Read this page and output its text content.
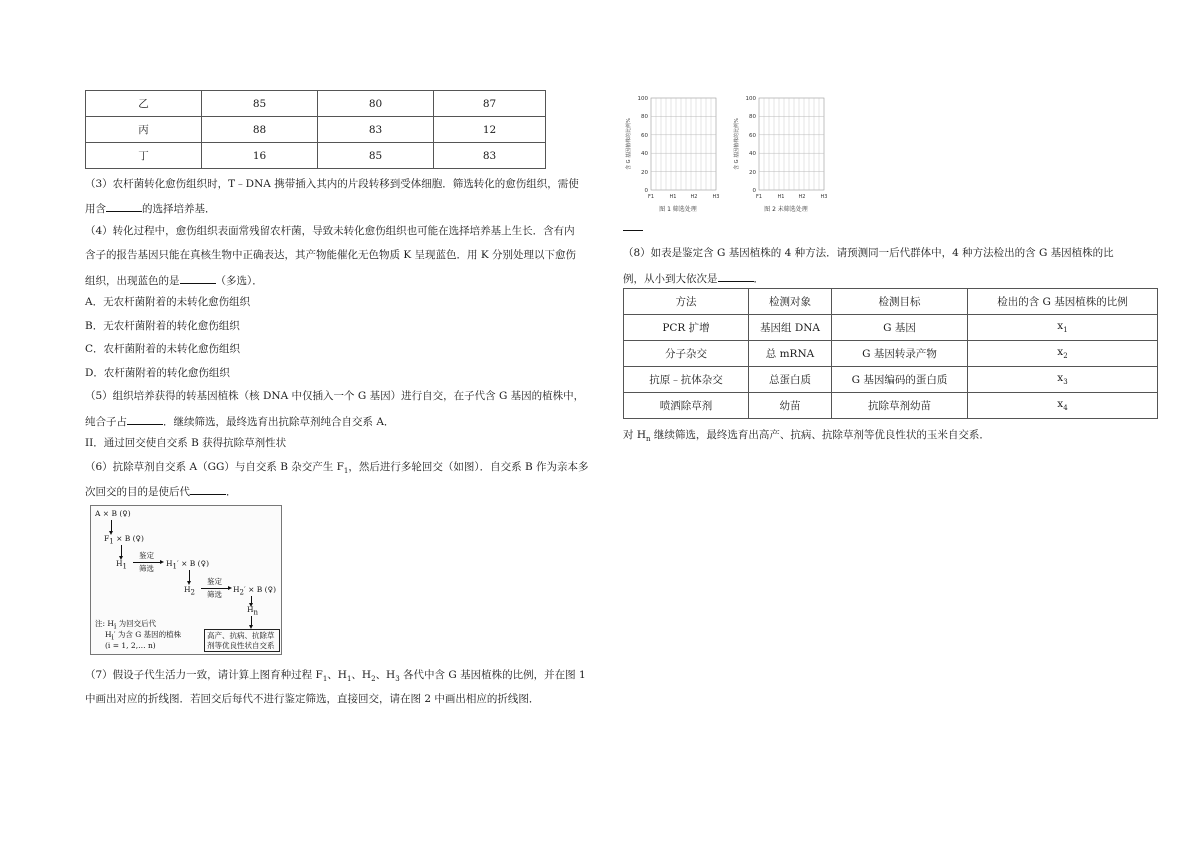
乙	85	80	87
丙	88	83	12
丁	16	85	83
（3）农杆菌转化愈伤组织时，T﹣DNA 携带插入其内的片段转移到受体细胞．筛选转化的愈伤组织，需使
用含	的选择培养基．
（4）转化过程中，愈伤组织表面常残留农杆菌，导致未转化愈伤组织也可能在选择培养基上生长．含有内
含子的报告基因只能在真核生物中正确表达，其产物能催化无色物质 K 呈现蓝色．用 K 分别处理以下愈伤
组织，出现蓝色的是	（多选）．
A．无农杆菌附着的未转化愈伤组织
B．无农杆菌附着的转化愈伤组织
C．农杆菌附着的未转化愈伤组织
D．农杆菌附着的转化愈伤组织
（5）组织培养获得的转基因植株（核 DNA 中仅插入一个 G 基因）进行自交，在子代含 G 基因的植株中，
纯合子占	．继续筛选，最终选育出抗除草剂纯合自交系 A．
II．通过回交使自交系 B 获得抗除草剂性状
（6）抗除草剂自交系 A（GG）与自交系 B 杂交产生 $F_1$，然后进行多轮回交（如图）．自交系 B 作为亲本多
次回交的目的是使后代	．
A × B (♀)
F1 × B (♀)
H1
鉴定
筛选
H1′ × B (♀)
H2
鉴定
筛选
H2′ × B (♀)
Hn
注: Hi 为回交后代
Hi′ 为含 G 基因的植株
(i = 1, 2,… n)
高产、抗病、抗除草
剂等优良性状自交系
（7）假设子代生活力一致，请计算上图育种过程 $F_1$、$H_1$、$H_2$、$H_3$ 各代中含 G 基因植株的比例，并在图 1
中画出对应的折线图．若回交后每代不进行鉴定筛选，直接回交，请在图 2 中画出相应的折线图．
含 G 基因植株的比例%
100
80
60
40
20
0
F1	H1	H2	H3
图 1 筛选处理
含 G 基因植株的比例%
100
80
60
40
20
0
F1	H1	H2	H3
图 2 未筛选处理
（8）如表是鉴定含 G 基因植株的 4 种方法．请预测同一后代群体中，4 种方法检出的含 G 基因植株的比
例，从小到大依次是	．
方法	检测对象	检测目标	检出的含 G 基因植株的比例
PCR 扩增	基因组 DNA	G 基因	$x_1$
分子杂交	总 mRNA	G 基因转录产物	$x_2$
抗原﹣抗体杂交	总蛋白质	G 基因编码的蛋白质	$x_3$
喷洒除草剂	幼苗	抗除草剂幼苗	$x_4$
对 $H_n$ 继续筛选，最终选育出高产、抗病、抗除草剂等优良性状的玉米自交系．
